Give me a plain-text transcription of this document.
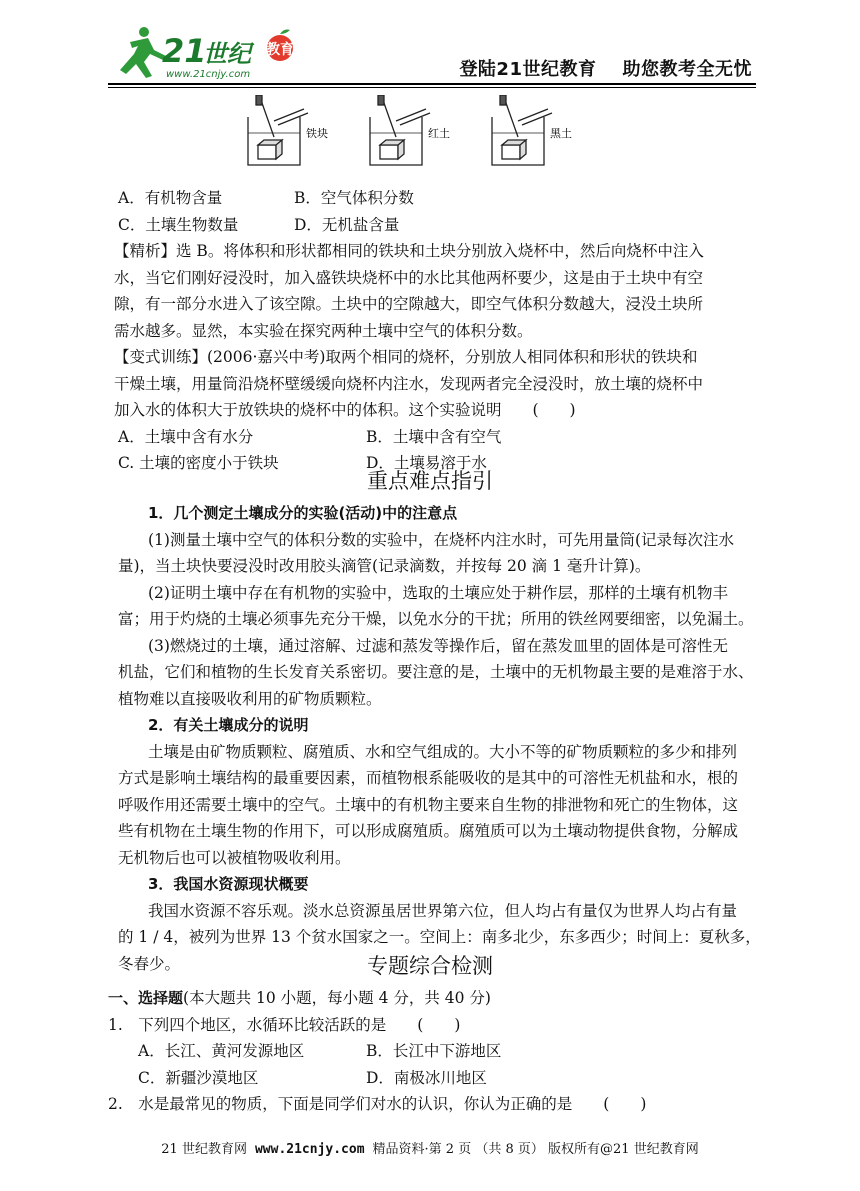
21
世纪 教育
www.21cnjy.com	登陆21世纪教育 助您教考全无忧
铁块	红土	黑土
A．有机物含量	B．空气体积分数
C．土壤生物数量	D．无机盐含量
【精析】选 B。将体积和形状都相同的铁块和土块分别放入烧杯中，然后向烧杯中注入
水，当它们刚好浸没时，加入盛铁块烧杯中的水比其他两杯要少，这是由于土块中有空
隙，有一部分水进入了该空隙。土块中的空隙越大，即空气体积分数越大，浸没土块所
需水越多。显然，本实验在探究两种土壤中空气的体积分数。
【变式训练】(2006·嘉兴中考)取两个相同的烧杯，分别放人相同体积和形状的铁块和
干燥土壤，用量筒沿烧杯壁缓缓向烧杯内注水，发现两者完全浸没时，放土壤的烧杯中
加入水的体积大于放铁块的烧杯中的体积。这个实验说明　　(　　)
A．土壤中含有水分	B．土壤中含有空气
C. 土壤的密度小于铁块	D．土壤易溶于水
重点难点指引
1．几个测定土壤成分的实验(活动)中的注意点
(1)测量土壤中空气的体积分数的实验中，在烧杯内注水时，可先用量筒(记录每次注水
量)，当土块快要浸没时改用胶头滴管(记录滴数，并按每 20 滴 1 毫升计算)。
(2)证明土壤中存在有机物的实验中，选取的土壤应处于耕作层，那样的土壤有机物丰
富；用于灼烧的土壤必须事先充分干燥，以免水分的干扰；所用的铁丝网要细密，以免漏土。
(3)燃烧过的土壤，通过溶解、过滤和蒸发等操作后，留在蒸发皿里的固体是可溶性无
机盐，它们和植物的生长发育关系密切。要注意的是，土壤中的无机物最主要的是难溶于水、
植物难以直接吸收利用的矿物质颗粒。
2．有关土壤成分的说明
土壤是由矿物质颗粒、腐殖质、水和空气组成的。大小不等的矿物质颗粒的多少和排列
方式是影响土壤结构的最重要因素，而植物根系能吸收的是其中的可溶性无机盐和水，根的
呼吸作用还需要土壤中的空气。土壤中的有机物主要来自生物的排泄物和死亡的生物体，这
些有机物在土壤生物的作用下，可以形成腐殖质。腐殖质可以为土壤动物提供食物，分解成
无机物后也可以被植物吸收利用。
3．我国水资源现状概要
我国水资源不容乐观。淡水总资源虽居世界第六位，但人均占有量仅为世界人均占有量
的 1 / 4，被列为世界 13 个贫水国家之一。空间上：南多北少，东多西少；时间上：夏秋多，
冬春少。	专题综合检测
一、选择题(本大题共 10 小题，每小题 4 分，共 40 分)
1.　下列四个地区，水循环比较活跃的是　　(　　)
A．长江、黄河发源地区	B．长江中下游地区
C．新疆沙漠地区	D．南极冰川地区
2.　水是最常见的物质，下面是同学们对水的认识，你认为正确的是　　(　　)
21 世纪教育网 www.21cnjy.com 精品资料·第 2 页 （共 8 页） 版权所有@21 世纪教育网
